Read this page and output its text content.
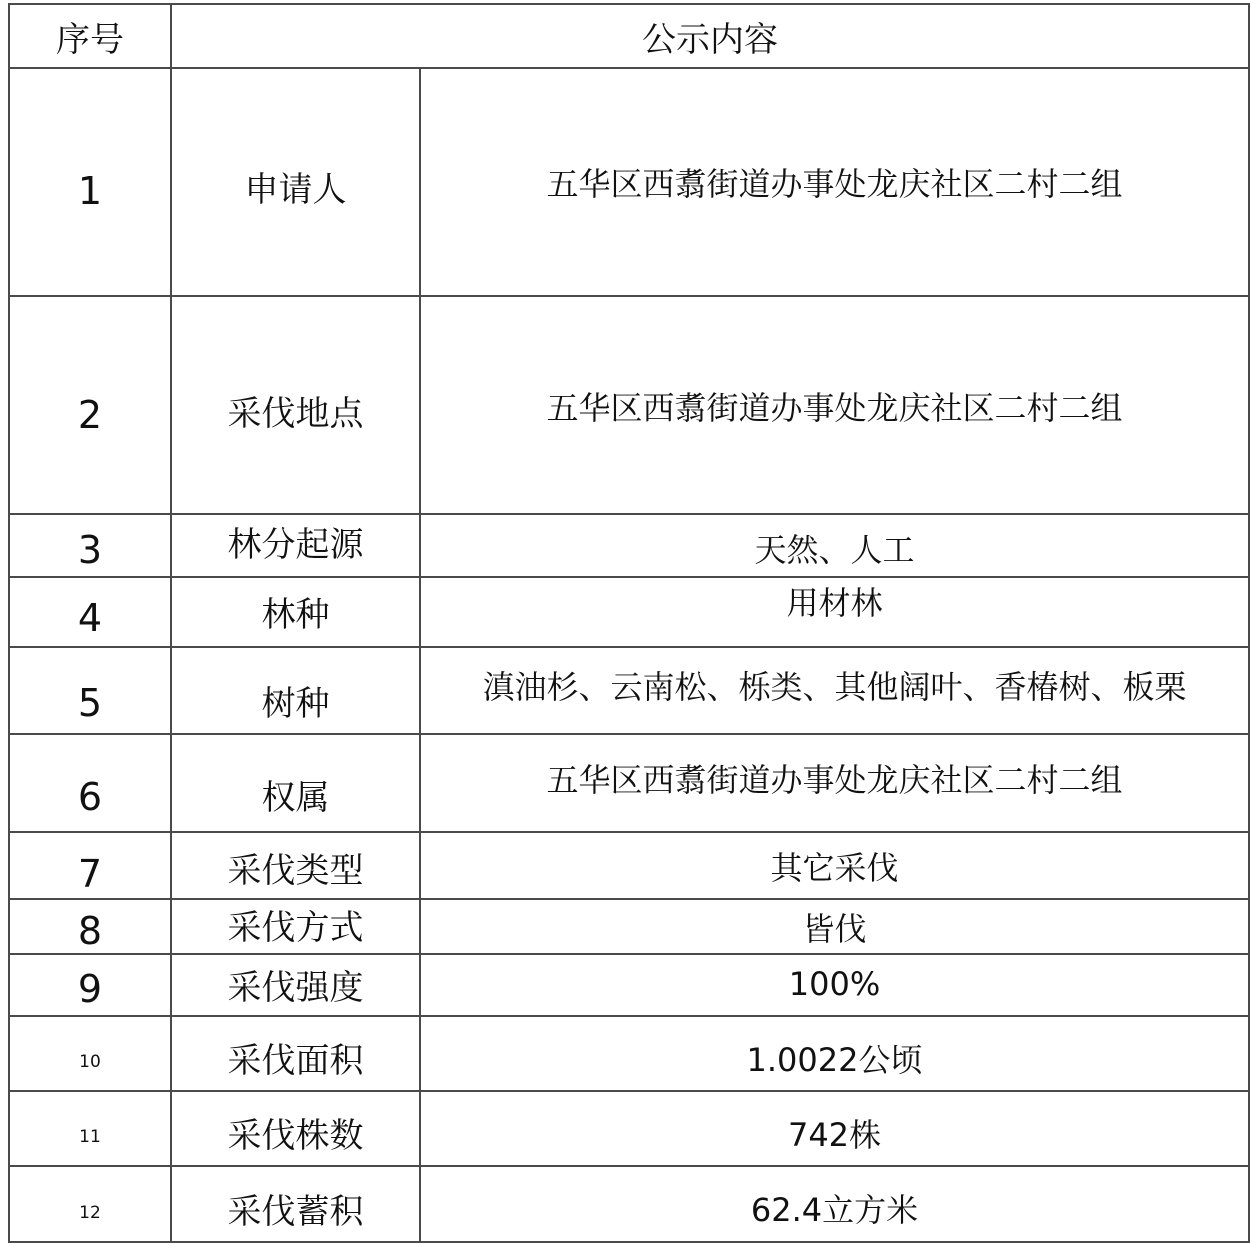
序号	公示内容	
1	申请人	五华区西翥街道办事处龙庆社区二村二组
2	采伐地点	五华区西翥街道办事处龙庆社区二村二组
3	林分起源	天然、人工
4	林种	用材林
5	树种	滇油杉、云南松、栎类、其他阔叶、香椿树、板栗
6	权属	五华区西翥街道办事处龙庆社区二村二组
7	采伐类型	其它采伐
8	采伐方式	皆伐
9	采伐强度	100%
10	采伐面积	1.0022公顷
11	采伐株数	742株
12	采伐蓄积	62.4立方米
